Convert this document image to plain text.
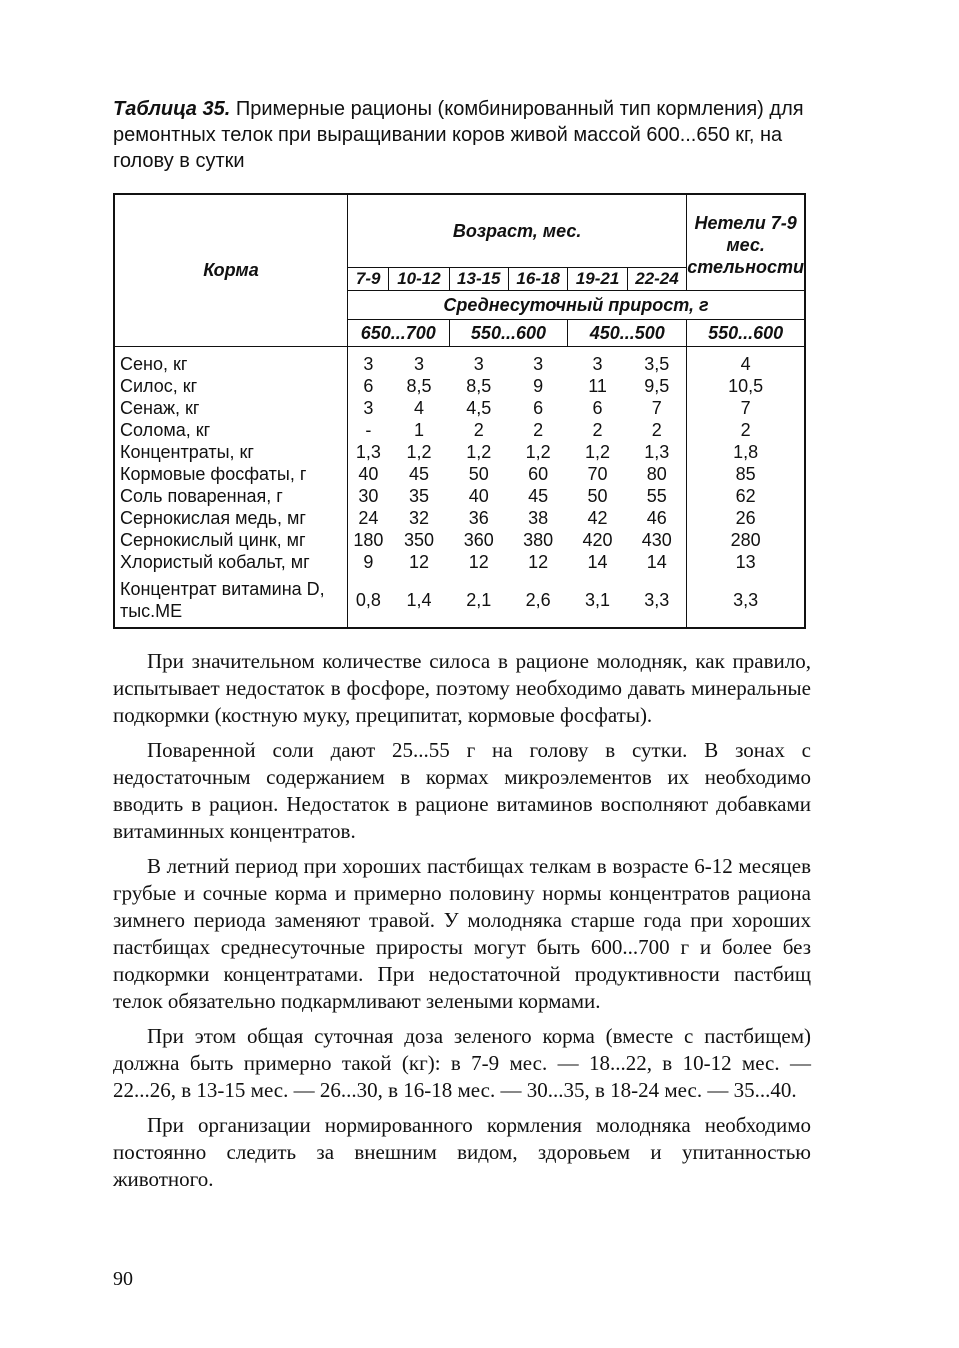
Таблица 35. Примерные рационы (комбинированный тип кормления) для ремонтных телок при выращивании коров живой массой 600...650 кг, на голову в сутки
Корма	Возраст, мес.						Нетели 7-9 мес. стельности
	7-9	10-12	13-15	16-18	19-21	22-24	
	Среднесуточный прирост, г						
	650...700		550...600		450...500		550...600
Сено, кг	3	3	3	3	3	3,5	4
Силос, кг	6	8,5	8,5	9	11	9,5	10,5
Сенаж, кг	3	4	4,5	6	6	7	7
Солома, кг	-	1	2	2	2	2	2
Концентраты, кг	1,3	1,2	1,2	1,2	1,2	1,3	1,8
Кормовые фосфаты, г	40	45	50	60	70	80	85
Соль поваренная, г	30	35	40	45	50	55	62
Сернокислая медь, мг	24	32	36	38	42	46	26
Сернокислый цинк, мг	180	350	360	380	420	430	280
Хлористый кобальт, мг	9	12	12	12	14	14	13
Концентрат витамина D, тыс.МЕ	0,8	1,4	2,1	2,6	3,1	3,3	3,3

При значительном количестве силоса в рационе молодняк, как правило, испытывает недостаток в фосфоре, поэтому необходимо давать минеральные подкормки (костную муку, преципитат, кормовые фосфаты).

Поваренной соли дают 25...55 г на голову в сутки. В зонах с недостаточным содержанием в кормах микроэлементов их необходимо вводить в рацион. Недостаток в рационе витаминов восполняют добавками витаминных концентратов.

В летний период при хороших пастбищах телкам в возрасте 6-12 месяцев грубые и сочные корма и примерно половину нормы концентратов рациона зимнего периода заменяют травой. У молодняка старше года при хороших пастбищах среднесуточные приросты могут быть 600...700 г и более без подкормки концентратами. При недостаточной продуктивности пастбищ телок обязательно подкармливают зелеными кормами.

При этом общая суточная доза зеленого корма (вместе с пастбищем) должна быть примерно такой (кг): в 7-9 мес. — 18...22, в 10-12 мес. — 22...26, в 13-15 мес. — 26...30, в 16-18 мес. — 30...35, в 18-24 мес. — 35...40.

При организации нормированного кормления молодняка необходимо постоянно следить за внешним видом, здоровьем и упитанностью животного.

90
